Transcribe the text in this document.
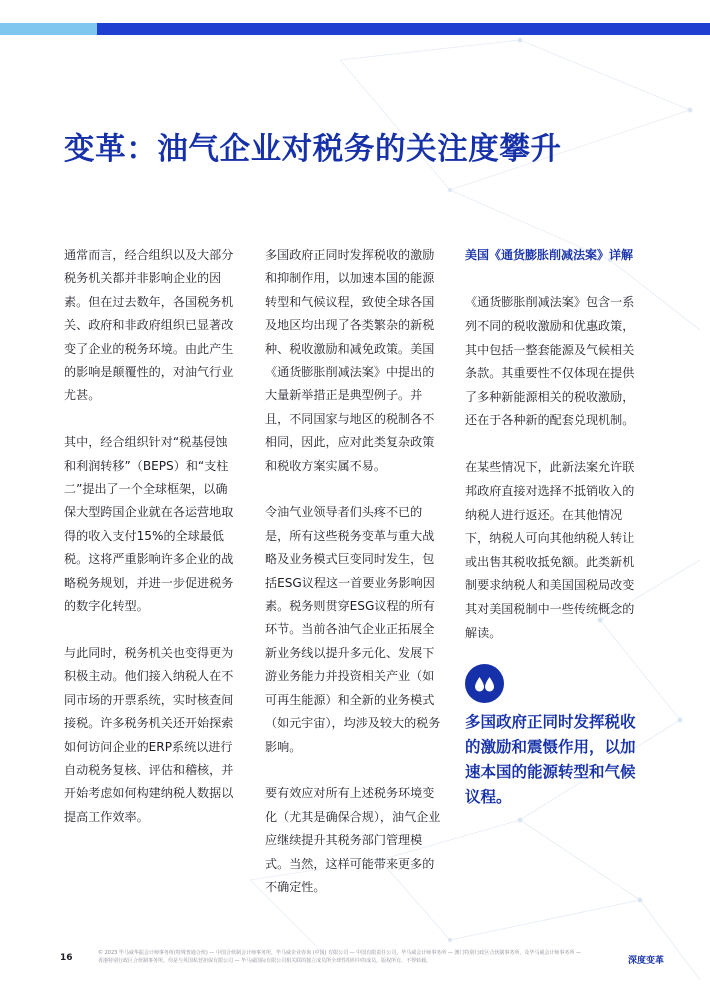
变革：油气企业对税务的关注度攀升

通常而言，经合组织以及大部分税务机关都并非影响企业的因素。但在过去数年，各国税务机关、政府和非政府组织已显著改变了企业的税务环境。由此产生的影响是颠覆性的，对油气行业尤甚。

其中，经合组织针对“税基侵蚀和利润转移”（BEPS）和“支柱二”提出了一个全球框架，以确保大型跨国企业就在各运营地取得的收入支付15%的全球最低税。这将严重影响许多企业的战略税务规划，并进一步促进税务的数字化转型。

与此同时，税务机关也变得更为积极主动。他们接入纳税人在不同市场的开票系统，实时核查间接税。许多税务机关还开始探索如何访问企业的ERP系统以进行自动税务复核、评估和稽核，并开始考虑如何构建纳税人数据以提高工作效率。

多国政府正同时发挥税收的激励和抑制作用，以加速本国的能源转型和气候议程，致使全球各国及地区均出现了各类繁杂的新税种、税收激励和减免政策。美国《通货膨胀削减法案》中提出的大量新举措正是典型例子。并且，不同国家与地区的税制各不相同，因此，应对此类复杂政策和税收方案实属不易。

令油气业领导者们头疼不已的是，所有这些税务变革与重大战略及业务模式巨变同时发生，包括ESG议程这一首要业务影响因素。税务则贯穿ESG议程的所有环节。当前各油气企业正拓展全新业务线以提升多元化、发展下游业务能力并投资相关产业（如可再生能源）和全新的业务模式（如元宇宙），均涉及较大的税务影响。

要有效应对所有上述税务环境变化（尤其是确保合规），油气企业应继续提升其税务部门管理模式。当然，这样可能带来更多的不确定性。

美国《通货膨胀削减法案》详解

《通货膨胀削减法案》包含一系列不同的税收激励和优惠政策，其中包括一整套能源及气候相关条款。其重要性不仅体现在提供了多种新能源相关的税收激励，还在于各种新的配套兑现机制。

在某些情况下，此新法案允许联邦政府直接对选择不抵销收入的纳税人进行返还。在其他情况下，纳税人可向其他纳税人转让或出售其税收抵免额。此类新机制要求纳税人和美国国税局改变其对美国税制中一些传统概念的解读。

多国政府正同时发挥税收的激励和震慑作用，以加速本国的能源转型和气候议程。
16	© 2023 毕马威华振会计师事务所(特殊普通合伙) — 中国合伙制会计师事务所，毕马威企业咨询 (中国) 有限公司 — 中国有限责任公司，毕马威会计师事务所 — 澳门特别行政区合伙制事务所，及毕马威会计师事务所 — 香港特别行政区合伙制事务所，均是与英国私营担保有限公司 — 毕马威国际有限公司相关联的独立成员所全球性组织中的成员。版权所有，不得转载。	深度变革
